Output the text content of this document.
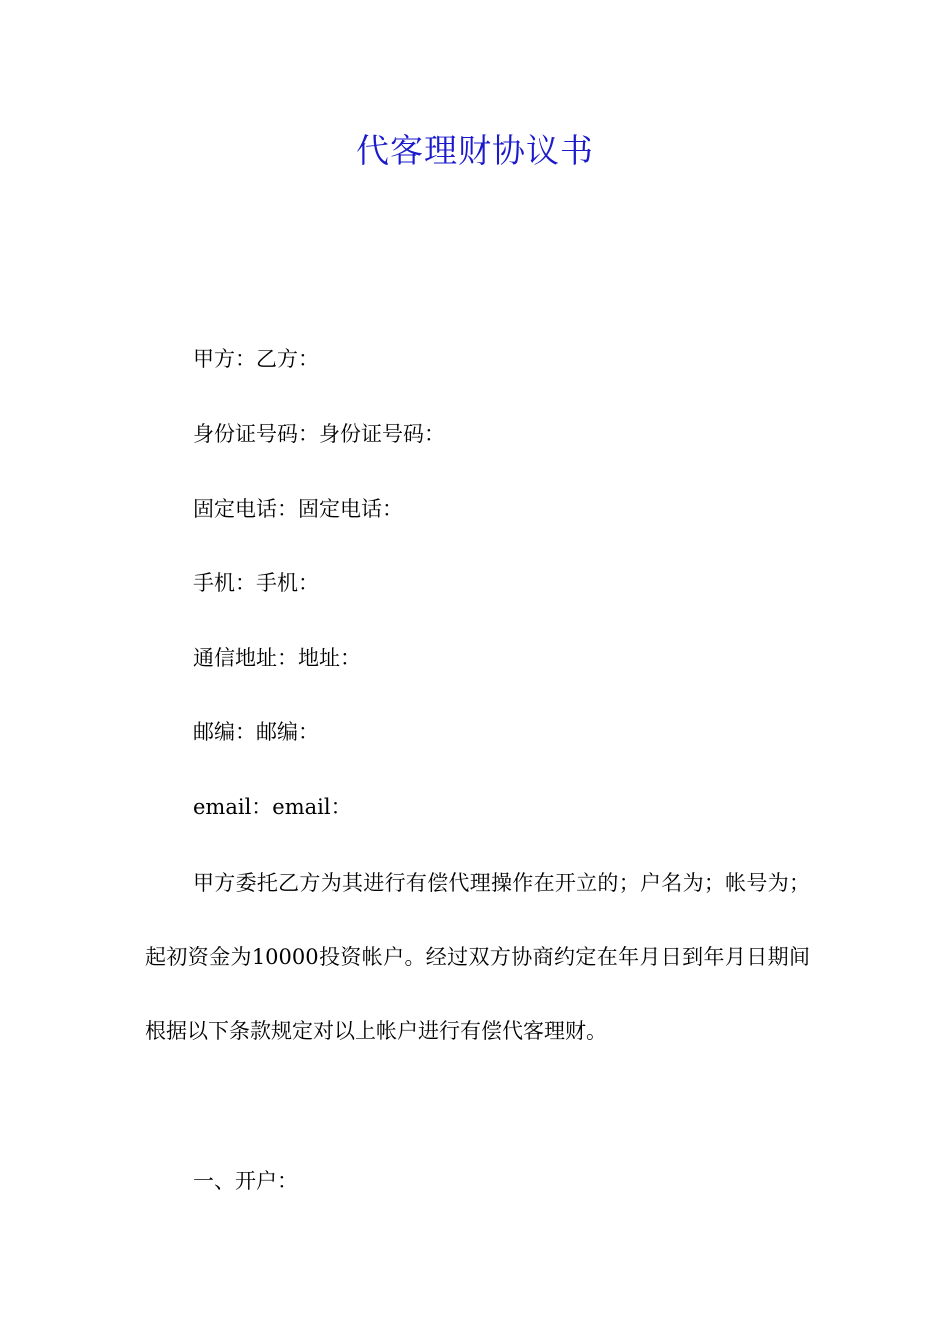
代客理财协议书
甲方：乙方：
身份证号码：身份证号码：
固定电话：固定电话：
手机：手机：
通信地址：地址：
邮编：邮编：
email：email：

甲方委托乙方为其进行有偿代理操作在开立的；户名为；帐号为；起初资金为10000投资帐户。经过双方协商约定在年月日到年月日期间根据以下条款规定对以上帐户进行有偿代客理财。

一、开户：
